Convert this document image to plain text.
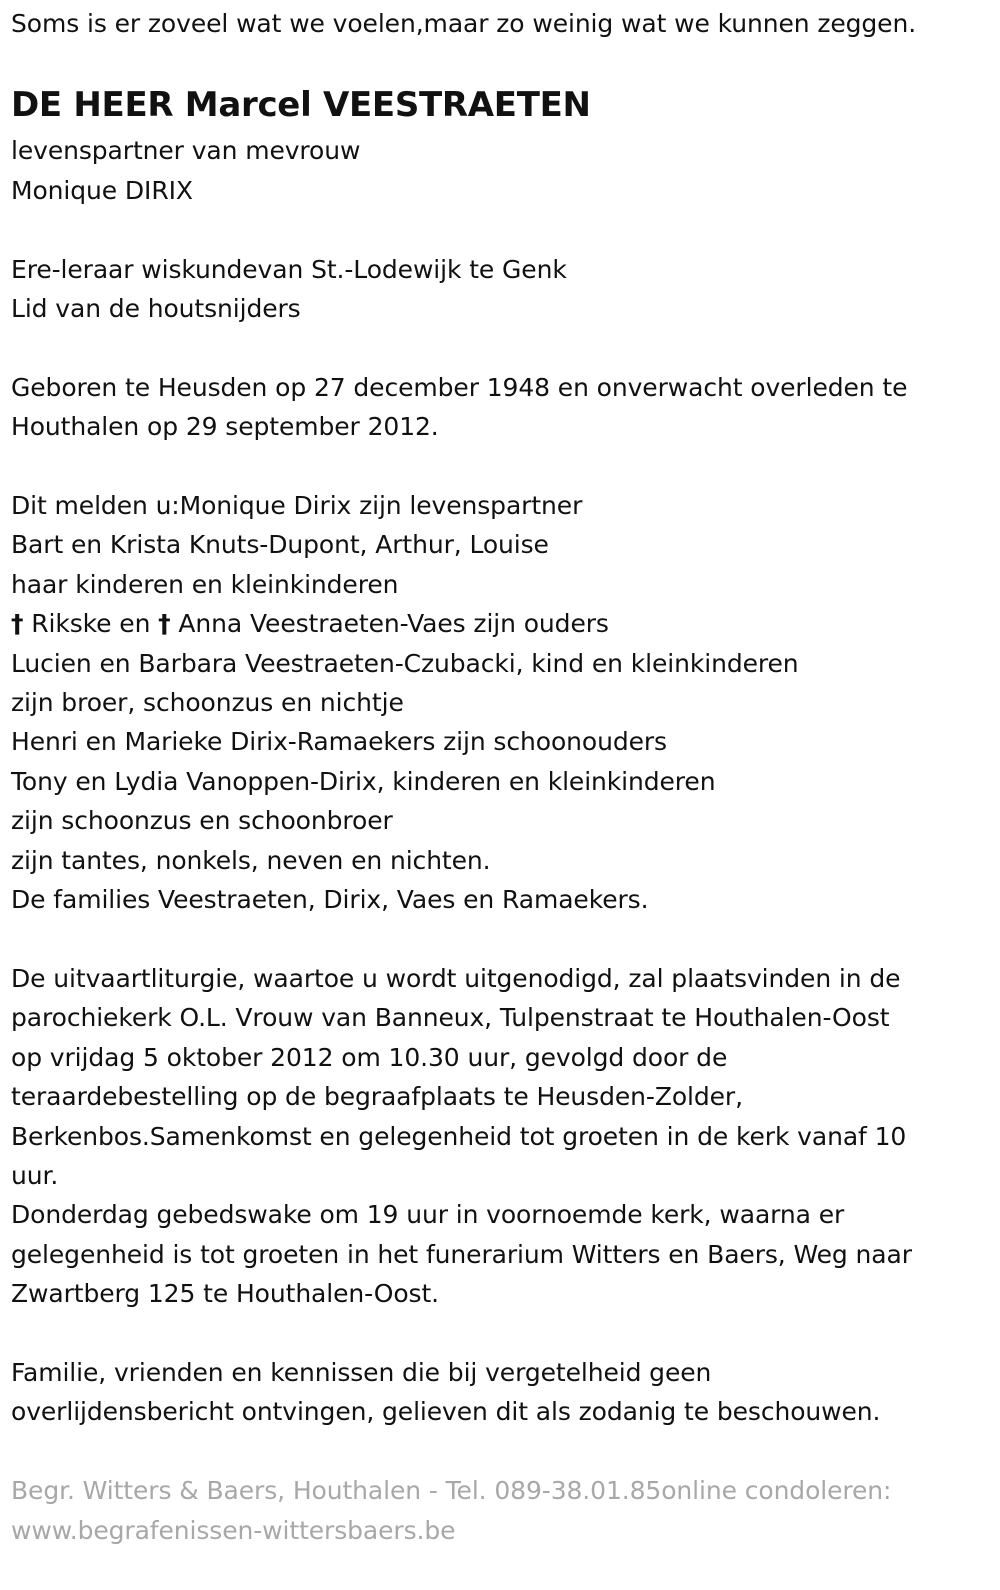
Soms is er zoveel wat we voelen,maar zo weinig wat we kunnen zeggen.
DE HEER Marcel VEESTRAETEN
levenspartner van mevrouw
Monique DIRIX
Ere-leraar wiskundevan St.-Lodewijk te Genk
Lid van de houtsnijders
Geboren te Heusden op 27 december 1948 en onverwacht overleden te
Houthalen op 29 september 2012.
Dit melden u:Monique Dirix zijn levenspartner
Bart en Krista Knuts-Dupont, Arthur, Louise
haar kinderen en kleinkinderen
† Rikske en † Anna Veestraeten-Vaes zijn ouders
Lucien en Barbara Veestraeten-Czubacki, kind en kleinkinderen
zijn broer, schoonzus en nichtje
Henri en Marieke Dirix-Ramaekers zijn schoonouders
Tony en Lydia Vanoppen-Dirix, kinderen en kleinkinderen
zijn schoonzus en schoonbroer
zijn tantes, nonkels, neven en nichten.
De families Veestraeten, Dirix, Vaes en Ramaekers.
De uitvaartliturgie, waartoe u wordt uitgenodigd, zal plaatsvinden in de
parochiekerk O.L. Vrouw van Banneux, Tulpenstraat te Houthalen-Oost
op vrijdag 5 oktober 2012 om 10.30 uur, gevolgd door de
teraardebestelling op de begraafplaats te Heusden-Zolder,
Berkenbos.Samenkomst en gelegenheid tot groeten in de kerk vanaf 10
uur.
Donderdag gebedswake om 19 uur in voornoemde kerk, waarna er
gelegenheid is tot groeten in het funerarium Witters en Baers, Weg naar
Zwartberg 125 te Houthalen-Oost.
Familie, vrienden en kennissen die bij vergetelheid geen
overlijdensbericht ontvingen, gelieven dit als zodanig te beschouwen.
Begr. Witters & Baers, Houthalen - Tel. 089-38.01.85online condoleren:
www.begrafenissen-wittersbaers.be
